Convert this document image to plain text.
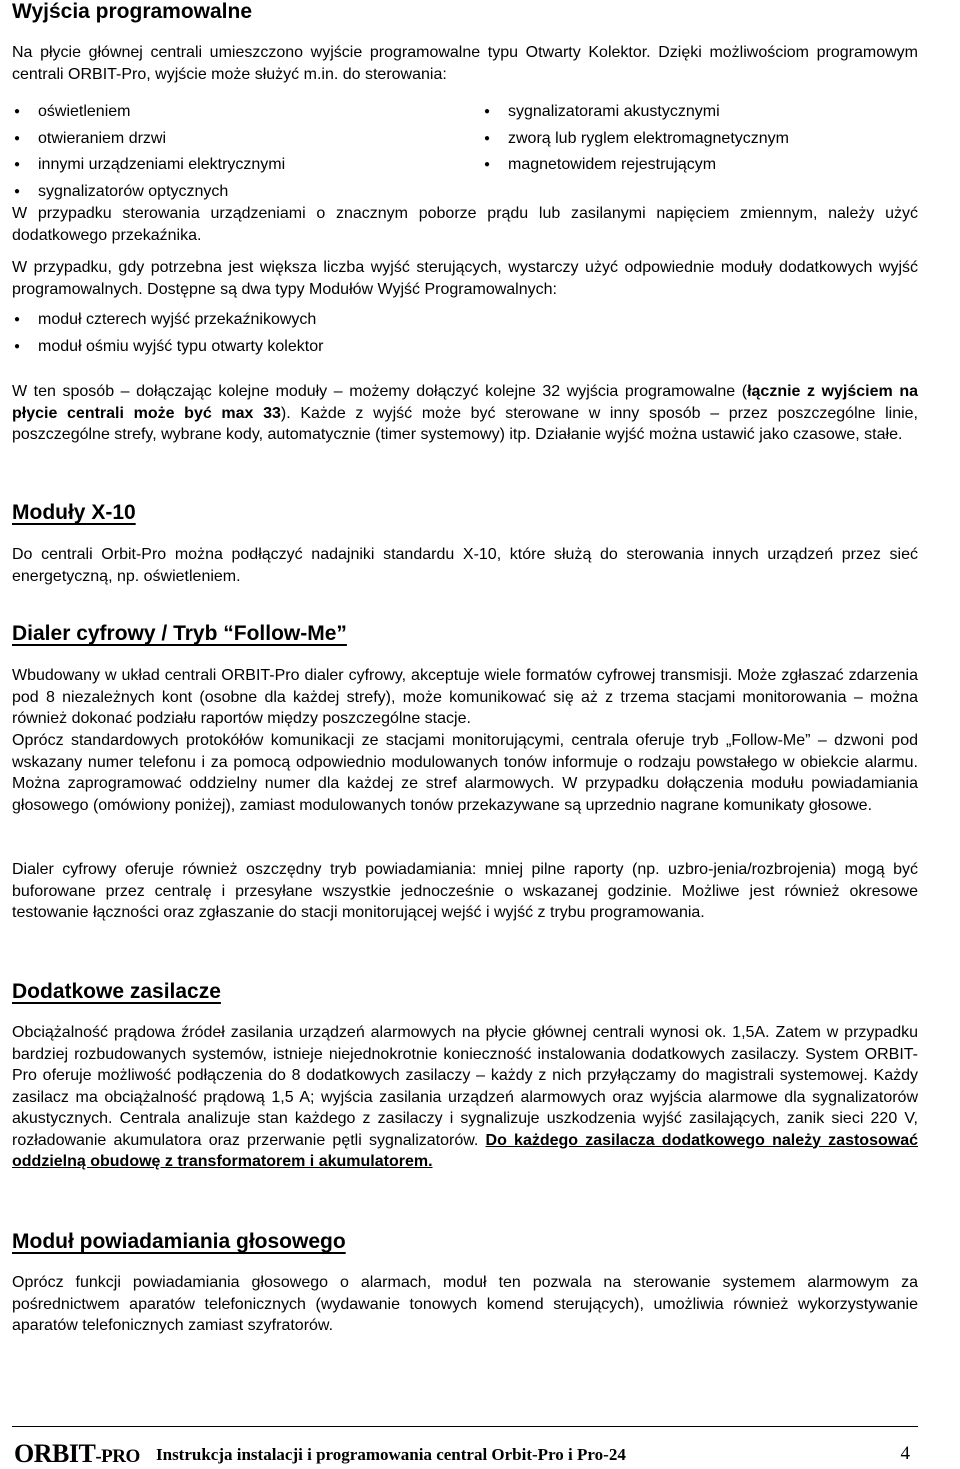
Wyjścia programowalne

Na płycie głównej centrali umieszczono wyjście programowalne typu Otwarty Kolektor. Dzięki możliwościom programowym centrali ORBIT-Pro, wyjście może służyć m.in. do sterowania:

● oświetleniem
● otwieraniem drzwi
● innymi urządzeniami elektrycznymi
● sygnalizatorami akustycznymi
● zworą lub ryglem elektromagnetycznym
● magnetowidem rejestrującym
● sygnalizatorów optycznych

W przypadku sterowania urządzeniami o znacznym poborze prądu lub zasilanymi napięciem zmiennym, należy użyć dodatkowego przekaźnika.

W przypadku, gdy potrzebna jest większa liczba wyjść sterujących, wystarczy użyć odpowiednie moduły dodatkowych wyjść programowalnych. Dostępne są dwa typy Modułów Wyjść Programowalnych:

● moduł czterech wyjść przekaźnikowych
● moduł ośmiu wyjść typu otwarty kolektor

W ten sposób – dołączając kolejne moduły – możemy dołączyć kolejne 32 wyjścia programowalne (łącznie z wyjściem na płycie centrali może być max 33). Każde z wyjść może być sterowane w inny sposób – przez poszczególne linie, poszczególne strefy, wybrane kody, automatycznie (timer systemowy) itp. Działanie wyjść można ustawić jako czasowe, stałe.

Moduły X-10

Do centrali Orbit-Pro można podłączyć nadajniki standardu X-10, które służą do sterowania innych urządzeń przez sieć energetyczną, np. oświetleniem.

Dialer cyfrowy / Tryb “Follow-Me”

Wbudowany w układ centrali ORBIT-Pro dialer cyfrowy, akceptuje wiele formatów cyfrowej transmisji. Może zgłaszać zdarzenia pod 8 niezależnych kont (osobne dla każdej strefy), może komunikować się aż z trzema stacjami monitorowania – można również dokonać podziału raportów między poszczególne stacje.

Oprócz standardowych protokółów komunikacji ze stacjami monitorującymi, centrala oferuje tryb „Follow-Me” – dzwoni pod wskazany numer telefonu i za pomocą odpowiednio modulowanych tonów informuje o rodzaju powstałego w obiekcie alarmu. Można zaprogramować oddzielny numer dla każdej ze stref alarmowych. W przypadku dołączenia modułu powiadamiania głosowego (omówiony poniżej), zamiast modulowanych tonów przekazywane są uprzednio nagrane komunikaty głosowe.

Dialer cyfrowy oferuje również oszczędny tryb powiadamiania: mniej pilne raporty (np. uzbro-jenia/rozbrojenia) mogą być buforowane przez centralę i przesyłane wszystkie jednocześnie o wskazanej godzinie. Możliwe jest również okresowe testowanie łączności oraz zgłaszanie do stacji monitorującej wejść i wyjść z trybu programowania.

Dodatkowe zasilacze

Obciążalność prądowa źródeł zasilania urządzeń alarmowych na płycie głównej centrali wynosi ok. 1,5A. Zatem w przypadku bardziej rozbudowanych systemów, istnieje niejednokrotnie konieczność instalowania dodatkowych zasilaczy. System ORBIT-Pro oferuje możliwość podłączenia do 8 dodatkowych zasilaczy – każdy z nich przyłączamy do magistrali systemowej. Każdy zasilacz ma obciążalność prądową 1,5 A; wyjścia zasilania urządzeń alarmowych oraz wyjścia alarmowe dla sygnalizatorów akustycznych. Centrala analizuje stan każdego z zasilaczy i sygnalizuje uszkodzenia wyjść zasilających, zanik sieci 220 V, rozładowanie akumulatora oraz przerwanie pętli sygnalizatorów. Do każdego zasilacza dodatkowego należy zastosować oddzielną obudowę z transformatorem i akumulatorem.

Moduł powiadamiania głosowego

Oprócz funkcji powiadamiania głosowego o alarmach, moduł ten pozwala na sterowanie systemem alarmowym za pośrednictwem aparatów telefonicznych (wydawanie tonowych komend sterujących), umożliwia również wykorzystywanie aparatów telefonicznych zamiast szyfratorów.

ORBIT-PRO Instrukcja instalacji i programowania central Orbit-Pro i Pro-24	4
